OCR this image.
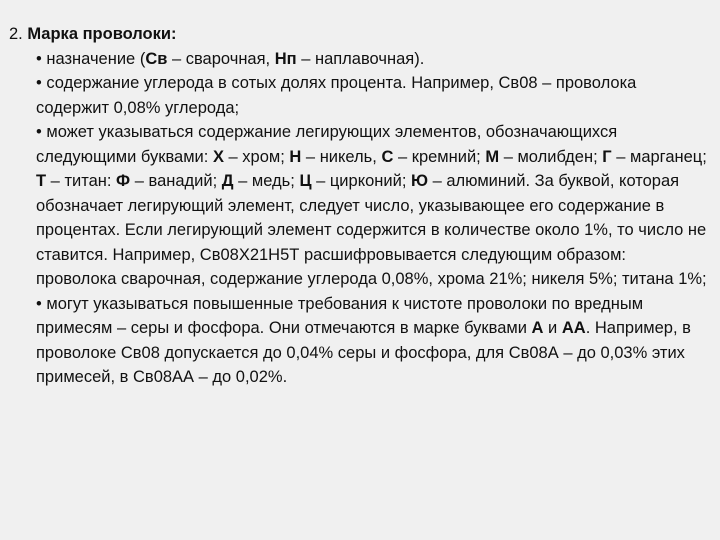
2. Марка проволоки:
• назначение (Св – сварочная, Нп – наплавочная).
• содержание углерода в сотых долях процента. Например, Св08 – проволока содержит 0,08% углерода;
• может указываться содержание легирующих элементов, обозначающихся следующими буквами: Х – хром; Н – никель, С – кремний; М – молибден; Г – марганец; Т – титан: Ф – ванадий; Д – медь; Ц – цирконий; Ю – алюминий. За буквой, которая обозначает легирующий элемент, следует число, указывающее его содержание в процентах. Если легирующий элемент содержится в количестве около 1%, то число не ставится. Например, Св08Х21Н5Т расшифровывается следующим образом: проволока сварочная, содержание углерода 0,08%, хрома 21%; никеля 5%; титана 1%;
• могут указываться повышенные требования к чистоте проволоки по вредным примесям – серы и фосфора. Они отмечаются в марке буквами А и АА. Например, в проволоке Св08 допускается до 0,04% серы и фосфора, для Св08А – до 0,03% этих примесей, в Св08АА – до 0,02%.
